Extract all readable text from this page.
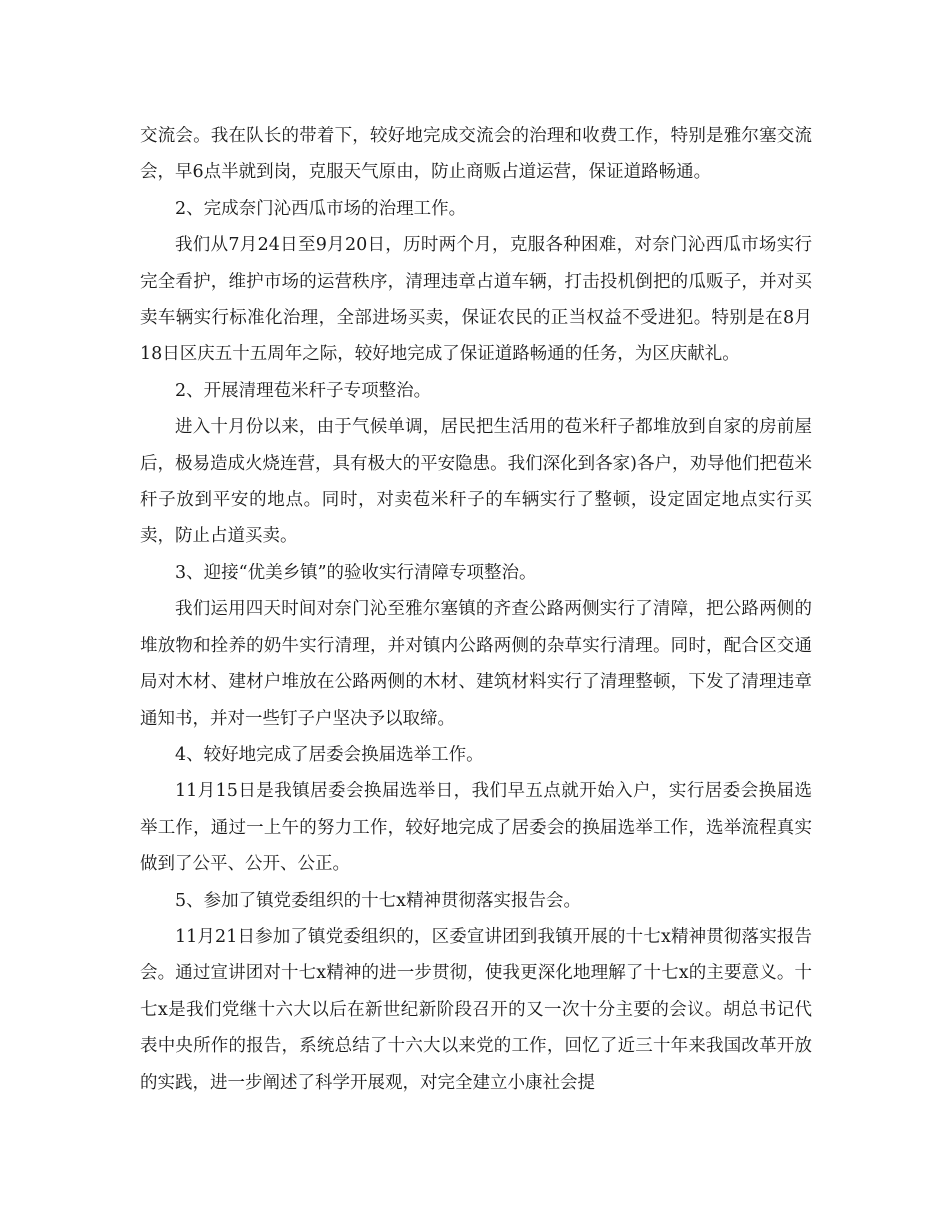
交流会。我在队长的带着下，较好地完成交流会的治理和收费工作，特别是雅尔塞交流会，早6点半就到岗，克服天气原由，防止商贩占道运营，保证道路畅通。

2、完成奈门沁西瓜市场的治理工作。

我们从7月24日至9月20日，历时两个月，克服各种困难，对奈门沁西瓜市场实行完全看护，维护市场的运营秩序，清理违章占道车辆，打击投机倒把的瓜贩子，并对买卖车辆实行标准化治理，全部进场买卖，保证农民的正当权益不受进犯。特别是在8月18日区庆五十五周年之际，较好地完成了保证道路畅通的任务，为区庆献礼。

2、开展清理苞米秆子专项整治。

进入十月份以来，由于气候单调，居民把生活用的苞米秆子都堆放到自家的房前屋后，极易造成火烧连营，具有极大的平安隐患。我们深化到各家)各户，劝导他们把苞米秆子放到平安的地点。同时，对卖苞米秆子的车辆实行了整顿，设定固定地点实行买卖，防止占道买卖。

3、迎接“优美乡镇”的验收实行清障专项整治。

我们运用四天时间对奈门沁至雅尔塞镇的齐查公路两侧实行了清障，把公路两侧的堆放物和拴养的奶牛实行清理，并对镇内公路两侧的杂草实行清理。同时，配合区交通局对木材、建材户堆放在公路两侧的木材、建筑材料实行了清理整顿，下发了清理违章通知书，并对一些钉子户坚决予以取缔。

4、较好地完成了居委会换届选举工作。

11月15日是我镇居委会换届选举日，我们早五点就开始入户，实行居委会换届选举工作，通过一上午的努力工作，较好地完成了居委会的换届选举工作，选举流程真实做到了公平、公开、公正。

5、参加了镇党委组织的十七x精神贯彻落实报告会。

11月21日参加了镇党委组织的，区委宣讲团到我镇开展的十七x精神贯彻落实报告会。通过宣讲团对十七x精神的进一步贯彻，使我更深化地理解了十七x的主要意义。十七x是我们党继十六大以后在新世纪新阶段召开的又一次十分主要的会议。胡总书记代表中央所作的报告，系统总结了十六大以来党的工作，回忆了近三十年来我国改革开放的实践，进一步阐述了科学开展观，对完全建立小康社会提
